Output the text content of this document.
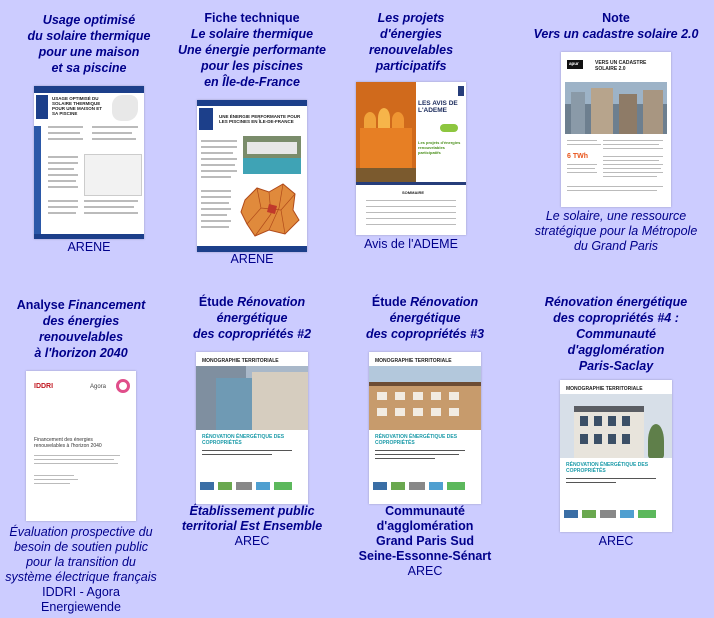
Usage optimisé
du solaire thermique
pour une maison
et sa piscine
USAGE OPTIMISÉ DU SOLAIRE THERMIQUE POUR UNE MAISON ET SA PISCINE
ARENE
Fiche technique
Le solaire thermique
Une énergie performante
pour les piscines
en Île-de-France
UNE ÉNERGIE PERFORMANTE POUR LES PISCINES EN ÎLE-DE-FRANCE
ARENE
Les projets d'énergies
renouvelables
participatifs
LES AVIS DE L'ADEME
Les projets d'énergies renouvelables participatifs
SOMMAIRE
Avis de l'ADEME
Note
Vers un cadastre solaire 2.0
apur	VERS UN CADASTRE SOLAIRE 2.0
6 TWh
Le solaire, une ressource
stratégique pour la Métropole
du Grand Paris
Analyse Financement
des énergies
renouvelables
à l'horizon 2040
IDDRI	Agora
Financement des énergies renouvelables à l'horizon 2040
Évaluation prospective du
besoin de soutien public
pour la transition du
système électrique français
IDDRI - Agora
Energiewende
Étude Rénovation
énergétique
des copropriétés #2
MONOGRAPHIE TERRITORIALE
RÉNOVATION ÉNERGÉTIQUE DES COPROPRIÉTÉS
Établissement public
territorial Est Ensemble
AREC
Étude Rénovation
énergétique
des copropriétés #3
MONOGRAPHIE TERRITORIALE
RÉNOVATION ÉNERGÉTIQUE DES COPROPRIÉTÉS
Communauté
d'agglomération
Grand Paris Sud
Seine-Essonne-Sénart
AREC
Rénovation énergétique
des copropriétés #4 :
Communauté
d'agglomération
Paris-Saclay
MONOGRAPHIE TERRITORIALE
RÉNOVATION ÉNERGÉTIQUE DES COPROPRIÉTÉS
AREC
